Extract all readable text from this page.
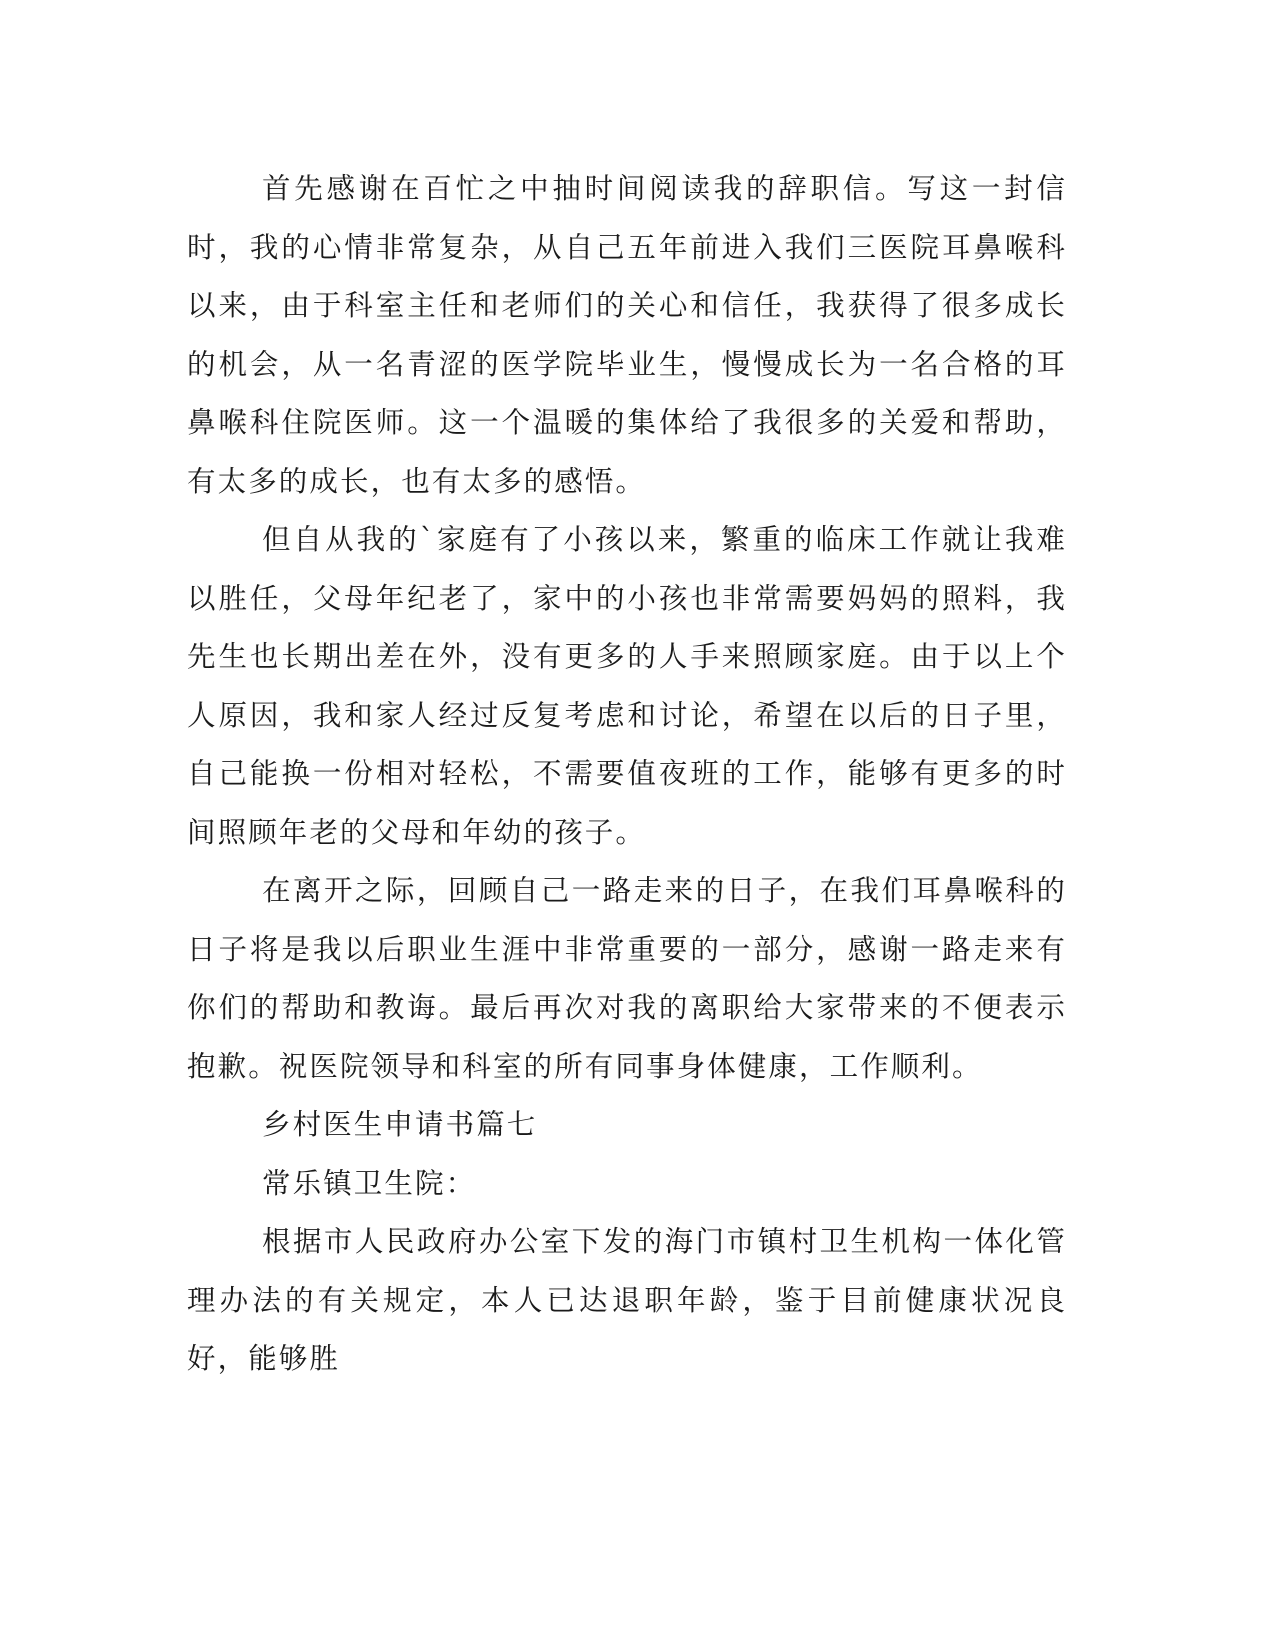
首先感谢在百忙之中抽时间阅读我的辞职信。写这一封信时，我的心情非常复杂，从自己五年前进入我们三医院耳鼻喉科以来，由于科室主任和老师们的关心和信任，我获得了很多成长的机会，从一名青涩的医学院毕业生，慢慢成长为一名合格的耳鼻喉科住院医师。这一个温暖的集体给了我很多的关爱和帮助，有太多的成长，也有太多的感悟。

但自从我的`家庭有了小孩以来，繁重的临床工作就让我难以胜任，父母年纪老了，家中的小孩也非常需要妈妈的照料，我先生也长期出差在外，没有更多的人手来照顾家庭。由于以上个人原因，我和家人经过反复考虑和讨论，希望在以后的日子里，自己能换一份相对轻松，不需要值夜班的工作，能够有更多的时间照顾年老的父母和年幼的孩子。

在离开之际，回顾自己一路走来的日子，在我们耳鼻喉科的日子将是我以后职业生涯中非常重要的一部分，感谢一路走来有你们的帮助和教诲。最后再次对我的离职给大家带来的不便表示抱歉。祝医院领导和科室的所有同事身体健康，工作顺利。

乡村医生申请书篇七

常乐镇卫生院：

根据市人民政府办公室下发的海门市镇村卫生机构一体化管理办法的有关规定，本人已达退职年龄，鉴于目前健康状况良好，能够胜
